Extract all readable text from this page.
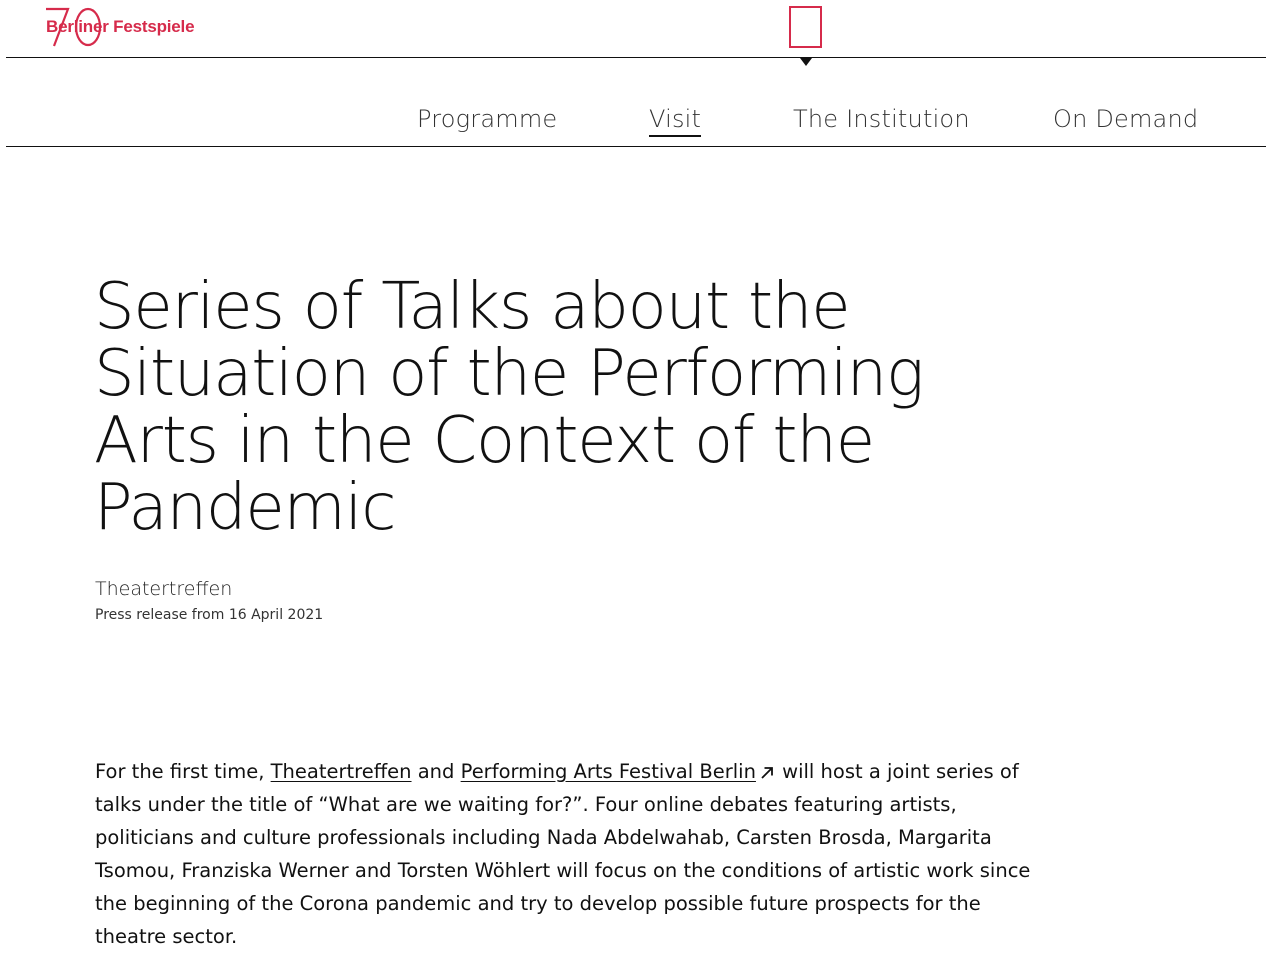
Berliner Festspiele
Programme	Visit	The Institution	On Demand
Series of Talks about the Situation of the Performing Arts in the Context of the Pandemic
Theatertreffen
Press release from 16 April 2021

For the first time, Theatertreffen and Performing Arts Festival Berlin will host a joint series of talks under the title of “What are we waiting for?”. Four online debates featuring artists, politicians and culture professionals including Nada Abdelwahab, Carsten Brosda, Margarita Tsomou, Franziska Werner and Torsten Wöhlert will focus on the conditions of artistic work since the beginning of the Corona pandemic and try to develop possible future prospects for the theatre sector.
